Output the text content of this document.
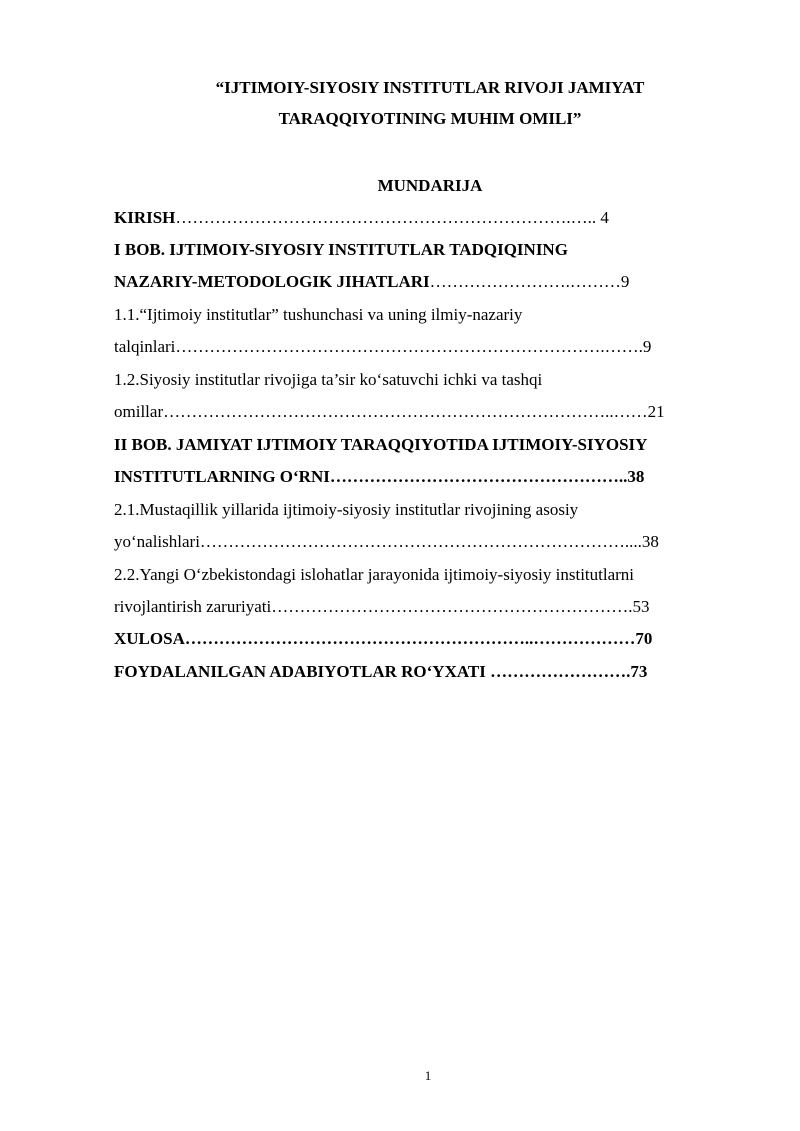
“IJTIMOIY-SIYOSIY INSTITUTLAR RIVOJI JAMIYAT
TARAQQIYOTINING MUHIM OMILI”
MUNDARIJA
KIRISH…………………………………………………………….….. 4
I BOB. IJTIMOIY-SIYOSIY INSTITUTLAR TADQIQINING
NAZARIY-METODOLOGIK JIHATLARI…………………….………9
1.1.“Ijtimoiy institutlar” tushunchasi va uning ilmiy-nazariy
talqinlari………………………………………………………………….…….9
1.2.Siyosiy institutlar rivojiga ta’sir ko‘satuvchi ichki va tashqi
omillar……………………………………………………………………..……21
II BOB. JAMIYAT IJTIMOIY TARAQQIYOTIDA IJTIMOIY-SIYOSIY
INSTITUTLARNING O‘RNI……………………………………………..38
2.1.Mustaqillik yillarida ijtimoiy-siyosiy institutlar rivojining asosiy
yo‘nalishlari…………………………………………………………………....38
2.2.Yangi O‘zbekistondagi islohatlar jarayonida ijtimoiy-siyosiy institutlarni
rivojlantirish zaruriyati……………………………………………………….53
XULOSA……………………………………………………..………………70
FOYDALANILGAN ADABIYOTLAR RO‘YXATI …………………….73
1
